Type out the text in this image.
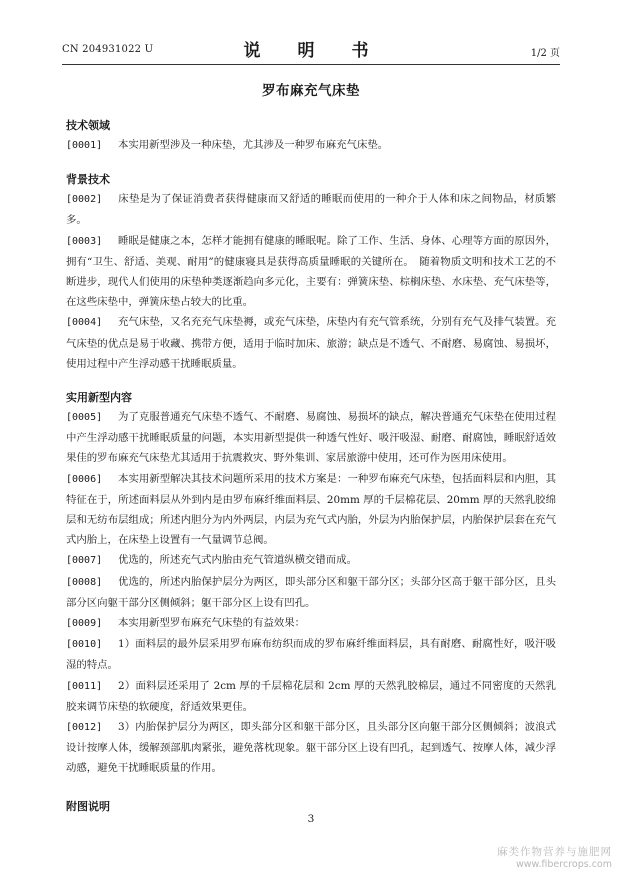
CN 204931022 U	说　明　书	1/2 页
罗布麻充气床垫
技术领域

[0001] 本实用新型涉及一种床垫，尤其涉及一种罗布麻充气床垫。

背景技术

[0002] 床垫是为了保证消费者获得健康而又舒适的睡眠而使用的一种介于人体和床之间物品，材质繁多。

[0003] 睡眠是健康之本，怎样才能拥有健康的睡眠呢。除了工作、生活、身体、心理等方面的原因外，拥有“卫生、舒适、美观、耐用”的健康寝具是获得高质量睡眠的关键所在。　随着物质文明和技术工艺的不断进步，现代人们使用的床垫种类逐渐趋向多元化，主要有：弹簧床垫、棕榈床垫、水床垫、充气床垫等，在这些床垫中，弹簧床垫占较大的比重。

[0004] 充气床垫，又名充充气床垫褥，或充气床垫，床垫内有充气管系统，分别有充气及排气装置。充气床垫的优点是易于收藏、携带方便，适用于临时加床、旅游；缺点是不透气、不耐磨、易腐蚀、易损坏，使用过程中产生浮动感干扰睡眠质量。

实用新型内容

[0005] 为了克服普通充气床垫不透气、不耐磨、易腐蚀、易损坏的缺点，解决普通充气床垫在使用过程中产生浮动感干扰睡眠质量的问题，本实用新型提供一种透气性好、吸汗吸湿、耐磨、耐腐蚀，睡眠舒适效果佳的罗布麻充气床垫尤其适用于抗震救灾、野外集训、家居旅游中使用，还可作为医用床使用。

[0006] 本实用新型解决其技术问题所采用的技术方案是：一种罗布麻充气床垫，包括面料层和内胆，其特征在于，所述面料层从外到内是由罗布麻纤维面料层、20mm 厚的千层棉花层、20mm 厚的天然乳胶绵层和无纺布层组成；所述内胆分为内外两层，内层为充气式内胎，外层为内胎保护层，内胎保护层套在充气式内胎上，在床垫上设置有一气量调节总阀。

[0007] 优选的，所述充气式内胎由充气管道纵横交错而成。

[0008] 优选的，所述内胎保护层分为两区，即头部分区和躯干部分区；头部分区高于躯干部分区，且头部分区向躯干部分区侧倾斜；躯干部分区上设有凹孔。

[0009] 本实用新型罗布麻充气床垫的有益效果：

[0010] 1）面料层的最外层采用罗布麻布纺织而成的罗布麻纤维面料层，具有耐磨、耐腐性好，吸汗吸湿的特点。

[0011] 2）面料层还采用了 2cm 厚的千层棉花层和 2cm 厚的天然乳胶棉层，通过不同密度的天然乳胶来调节床垫的软硬度，舒适效果更佳。

[0012] 3）内胎保护层分为两区，即头部分区和躯干部分区，且头部分区向躯干部分区侧倾斜；波浪式设计按摩人体，缓解颈部肌肉紧张，避免落枕现象。躯干部分区上设有凹孔，起到透气、按摩人体，减少浮动感，避免干扰睡眠质量的作用。

附图说明
3
麻类作物营养与施肥网
www.fibercrops.com
